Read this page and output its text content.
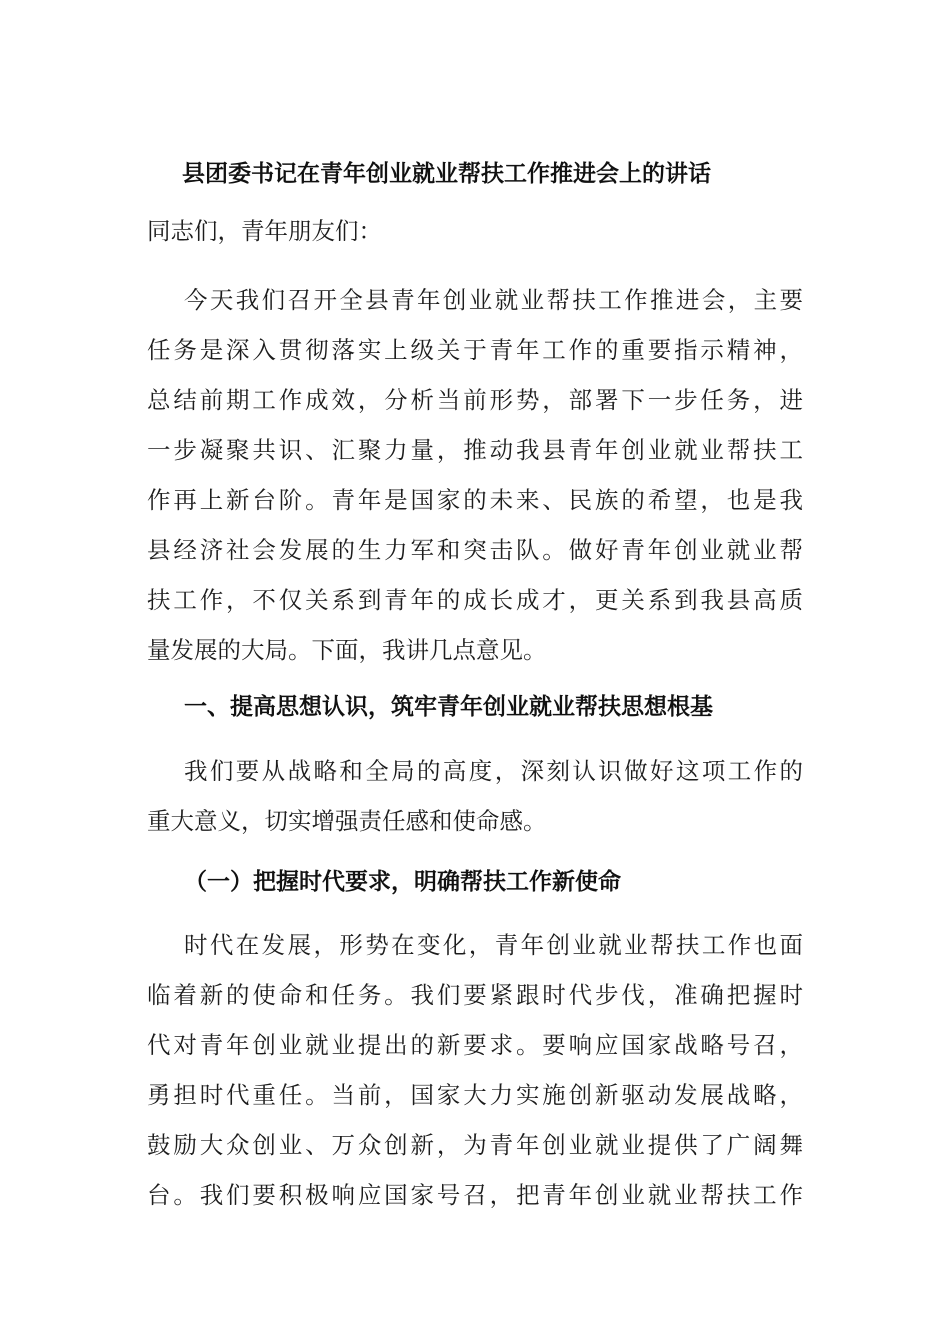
县团委书记在青年创业就业帮扶工作推进会上的讲话
同志们，青年朋友们：
今天我们召开全县青年创业就业帮扶工作推进会，主要
任务是深入贯彻落实上级关于青年工作的重要指示精神，
总结前期工作成效，分析当前形势，部署下一步任务，进
一步凝聚共识、汇聚力量，推动我县青年创业就业帮扶工
作再上新台阶。青年是国家的未来、民族的希望，也是我
县经济社会发展的生力军和突击队。做好青年创业就业帮
扶工作，不仅关系到青年的成长成才，更关系到我县高质
量发展的大局。下面，我讲几点意见。
一、提高思想认识，筑牢青年创业就业帮扶思想根基
我们要从战略和全局的高度，深刻认识做好这项工作的
重大意义，切实增强责任感和使命感。
（一）把握时代要求，明确帮扶工作新使命
时代在发展，形势在变化，青年创业就业帮扶工作也面
临着新的使命和任务。我们要紧跟时代步伐，准确把握时
代对青年创业就业提出的新要求。要响应国家战略号召，
勇担时代重任。当前，国家大力实施创新驱动发展战略，
鼓励大众创业、万众创新，为青年创业就业提供了广阔舞
台。我们要积极响应国家号召，把青年创业就业帮扶工作
